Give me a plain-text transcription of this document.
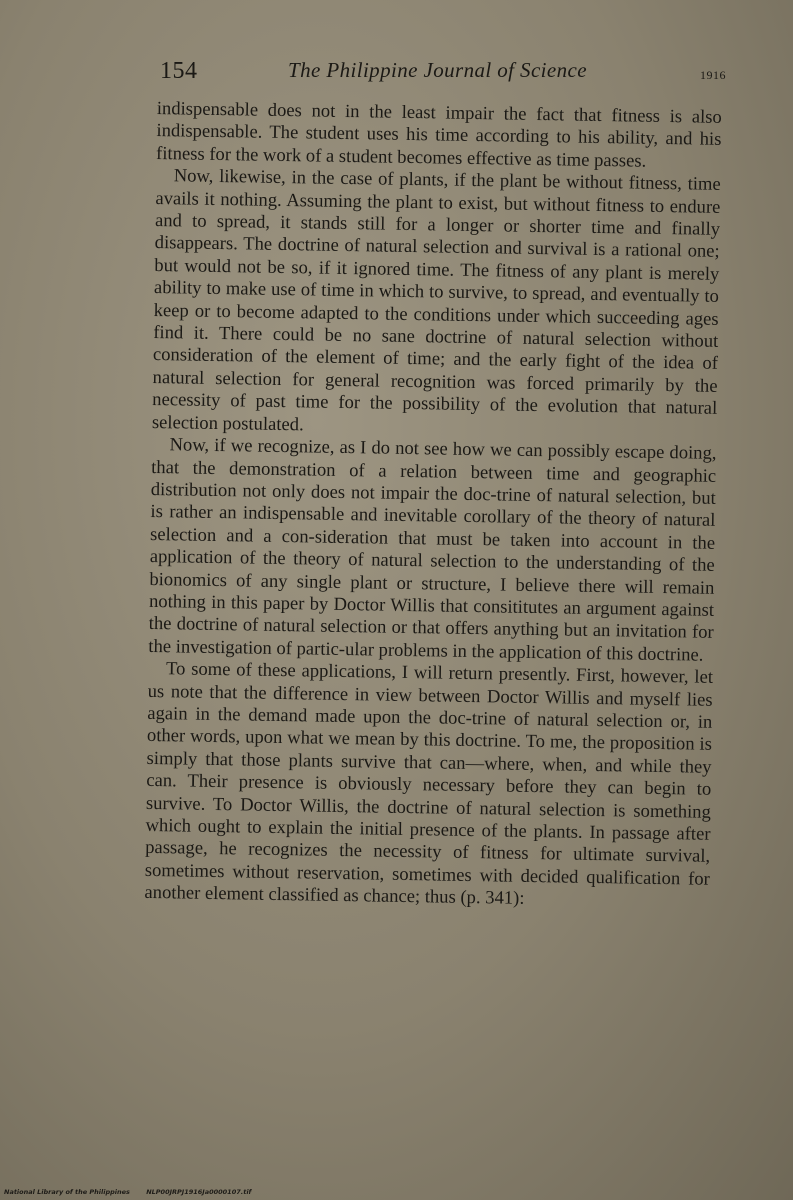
154	The Philippine Journal of Science	1916

indispensable does not in the least impair the fact that fitness is also indispensable. The student uses his time according to his ability, and his fitness for the work of a student becomes effective as time passes.

Now, likewise, in the case of plants, if the plant be without fitness, time avails it nothing. Assuming the plant to exist, but without fitness to endure and to spread, it stands still for a longer or shorter time and finally disappears. The doctrine of natural selection and survival is a rational one; but would not be so, if it ignored time. The fitness of any plant is merely ability to make use of time in which to survive, to spread, and eventually to keep or to become adapted to the conditions under which succeeding ages find it. There could be no sane doctrine of natural selection without consideration of the element of time; and the early fight of the idea of natural selection for general recognition was forced primarily by the necessity of past time for the possibility of the evolution that natural selection postulated.

Now, if we recognize, as I do not see how we can possibly escape doing, that the demonstration of a relation between time and geographic distribution not only does not impair the doc-trine of natural selection, but is rather an indispensable and inevitable corollary of the theory of natural selection and a con-sideration that must be taken into account in the application of the theory of natural selection to the understanding of the bionomics of any single plant or structure, I believe there will remain nothing in this paper by Doctor Willis that consititutes an argument against the doctrine of natural selection or that offers anything but an invitation for the investigation of partic-ular problems in the application of this doctrine.

To some of these applications, I will return presently. First, however, let us note that the difference in view between Doctor Willis and myself lies again in the demand made upon the doc-trine of natural selection or, in other words, upon what we mean by this doctrine. To me, the proposition is simply that those plants survive that can—where, when, and while they can. Their presence is obviously necessary before they can begin to survive. To Doctor Willis, the doctrine of natural selection is something which ought to explain the initial presence of the plants. In passage after passage, he recognizes the necessity of fitness for ultimate survival, sometimes without reservation, sometimes with decided qualification for another element classified as chance; thus (p. 341):

National Library of the Philippines	NLP00JRPJ1916Ja0000107.tif
